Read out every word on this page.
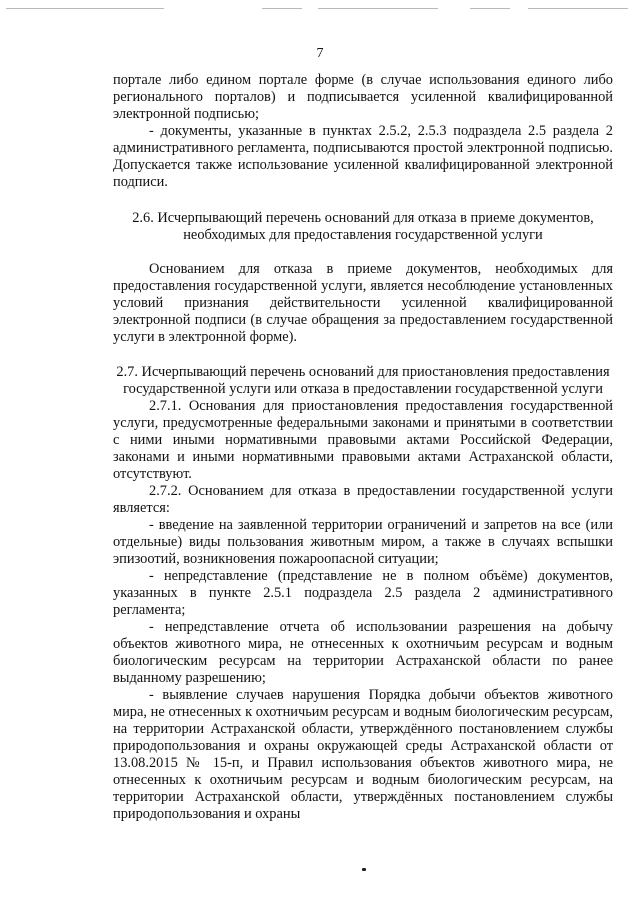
7

портале либо едином портале форме (в случае использования единого либо регионального порталов) и подписывается усиленной квалифицированной электронной подписью;

- документы, указанные в пунктах 2.5.2, 2.5.3 подраздела 2.5 раздела 2 административного регламента, подписываются простой электронной подписью. Допускается также использование усиленной квалифицированной электронной подписи.

2.6. Исчерпывающий перечень оснований для отказа в приеме документов, необходимых для предоставления государственной услуги

Основанием для отказа в приеме документов, необходимых для предоставления государственной услуги, является несоблюдение установленных условий признания действительности усиленной квалифицированной электронной подписи (в случае обращения за предоставлением государственной услуги в электронной форме).

2.7. Исчерпывающий перечень оснований для приостановления предоставления государственной услуги или отказа в предоставлении государственной услуги

2.7.1. Основания для приостановления предоставления государственной услуги, предусмотренные федеральными законами и принятыми в соответствии с ними иными нормативными правовыми актами Российской Федерации, законами и иными нормативными правовыми актами Астраханской области, отсутствуют.

2.7.2. Основанием для отказа в предоставлении государственной услуги является:

- введение на заявленной территории ограничений и запретов на все (или отдельные) виды пользования животным миром, а также в случаях вспышки эпизоотий, возникновения пожароопасной ситуации;

- непредставление (представление не в полном объёме) документов, указанных в пункте 2.5.1 подраздела 2.5 раздела 2 административного регламента;

- непредставление отчета об использовании разрешения на добычу объектов животного мира, не отнесенных к охотничьим ресурсам и водным биологическим ресурсам на территории Астраханской области по ранее выданному разрешению;

- выявление случаев нарушения Порядка добычи объектов животного мира, не отнесенных к охотничьим ресурсам и водным биологическим ресурсам, на территории Астраханской области, утверждённого постановлением службы природопользования и охраны окружающей среды Астраханской области от 13.08.2015 № 15-п, и Правил использования объектов животного мира, не отнесенных к охотничьим ресурсам и водным биологическим ресурсам, на территории Астраханской области, утверждённых постановлением службы природопользования и охраны
